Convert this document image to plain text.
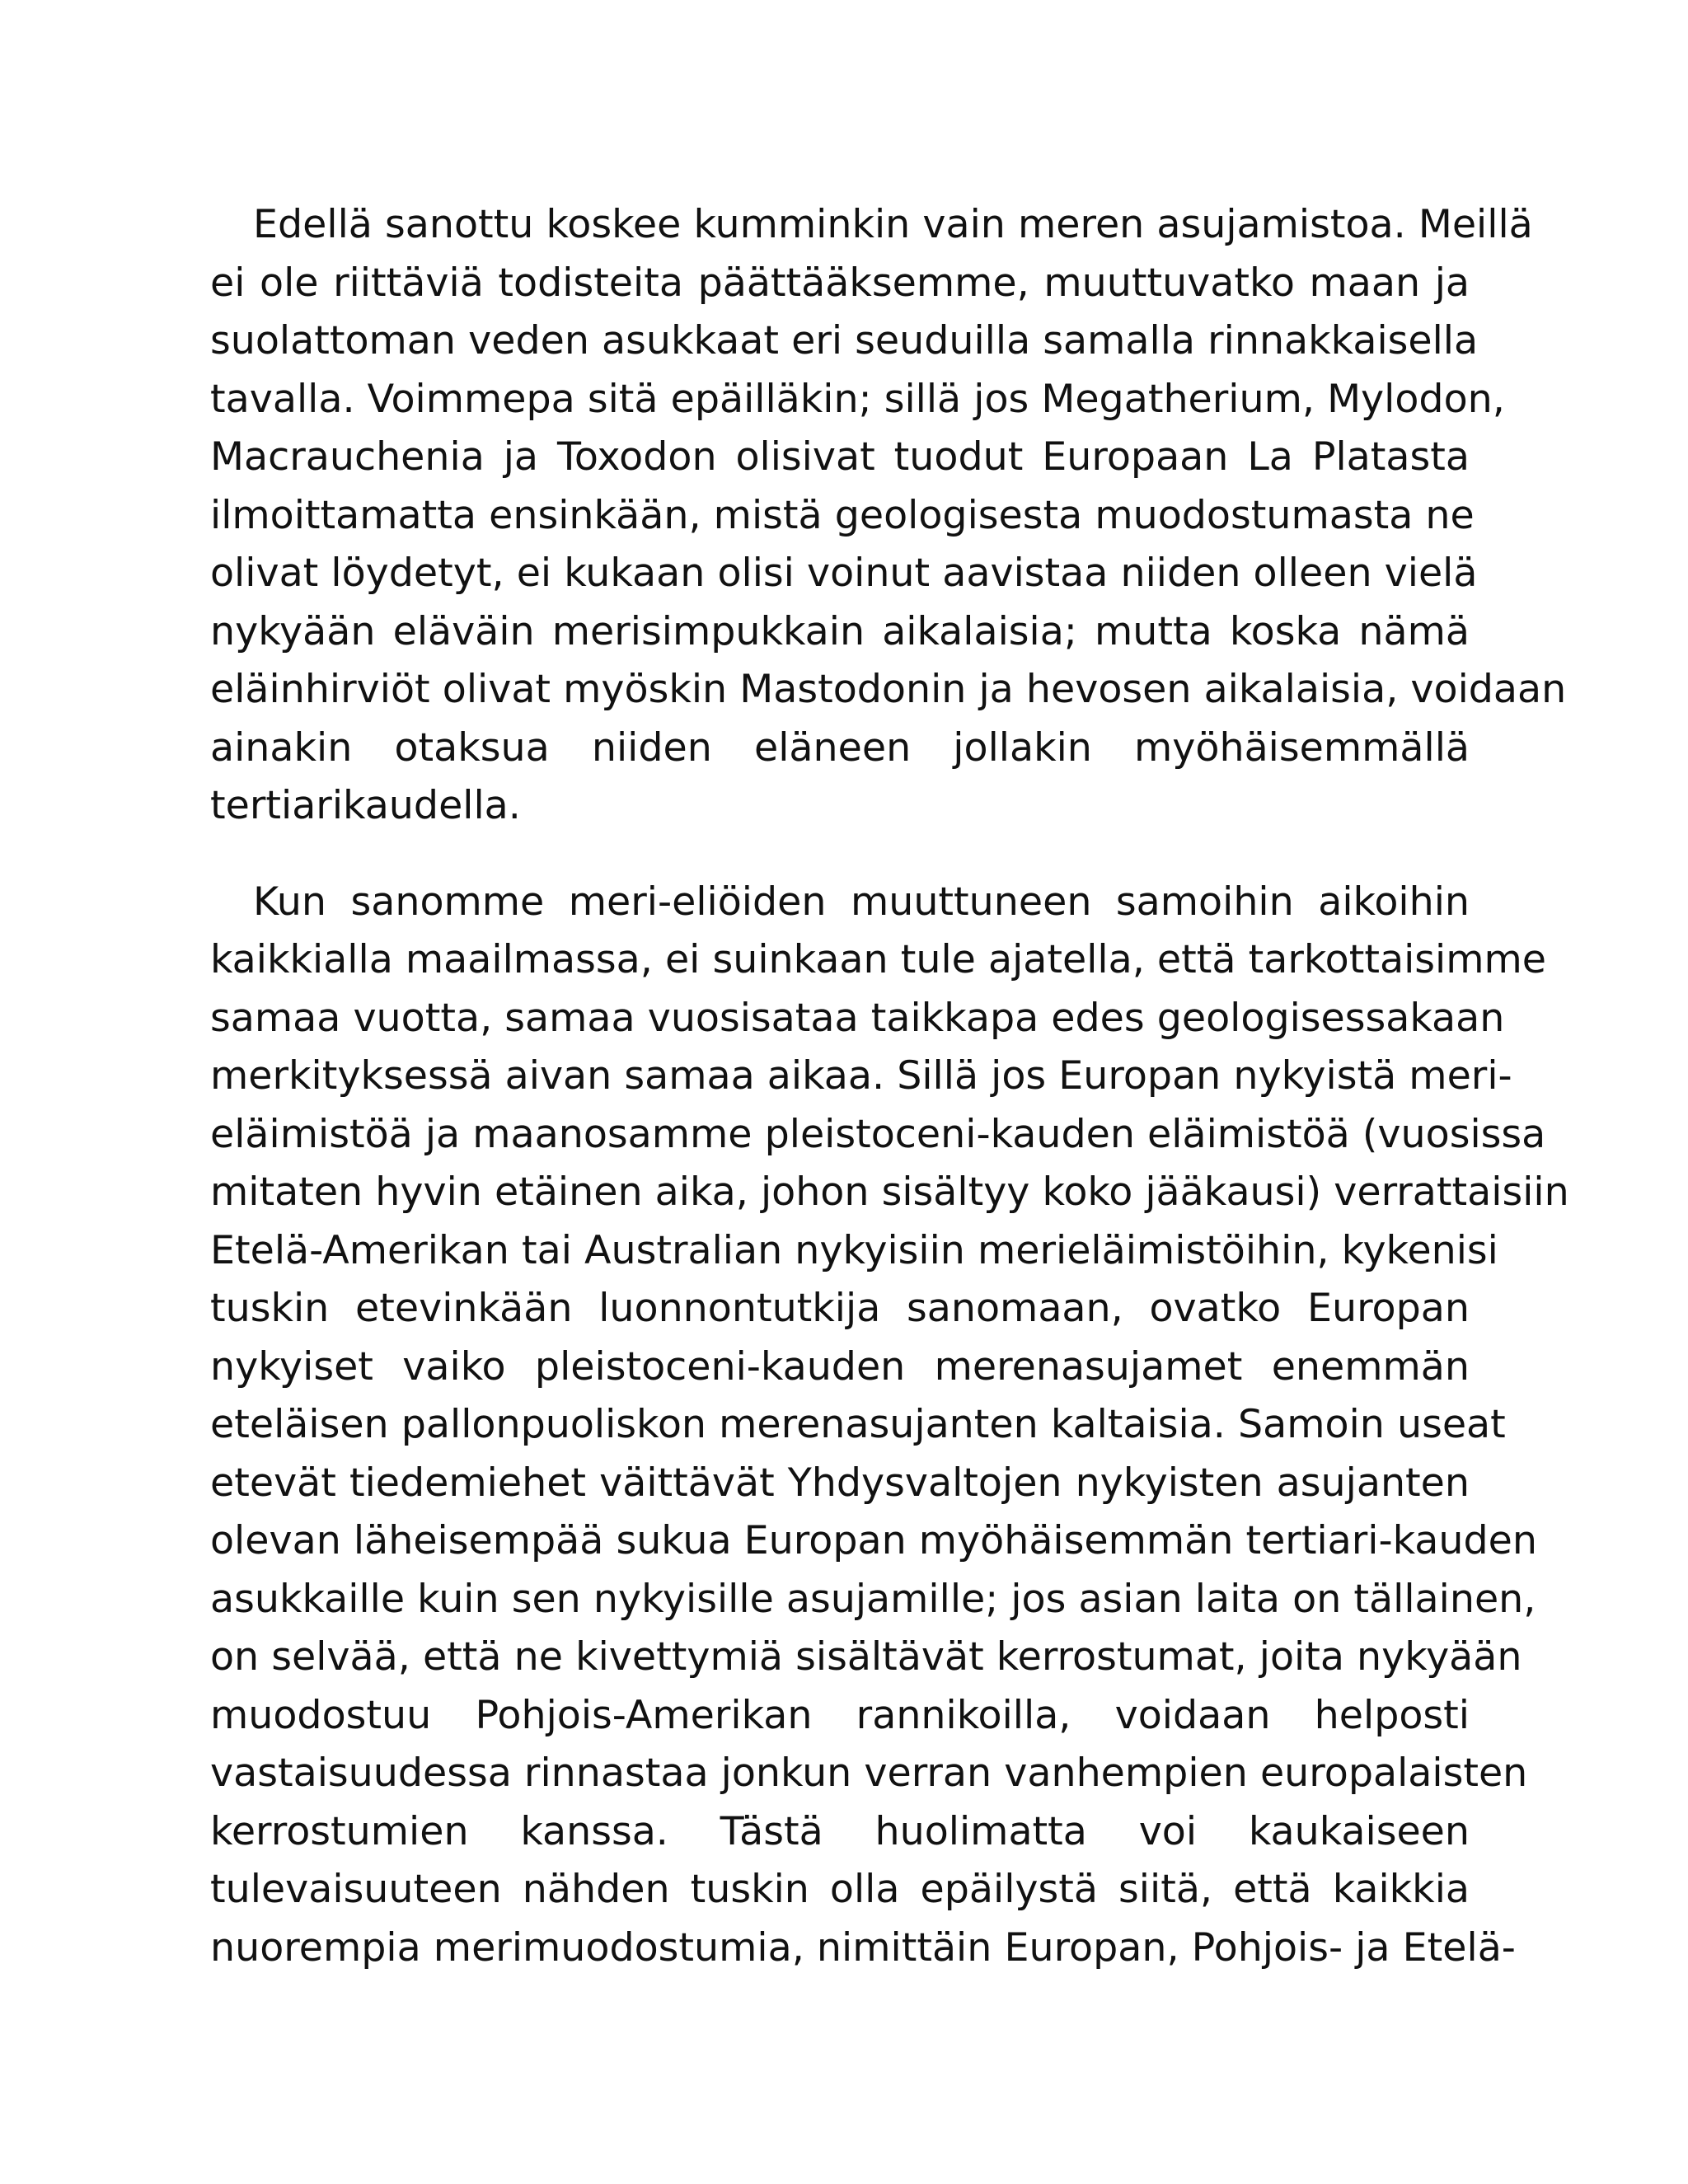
Edellä sanottu koskee kumminkin vain meren asujamistoa. Meillä
ei ole riittäviä todisteita päättääksemme, muuttuvatko maan ja
suolattoman veden asukkaat eri seuduilla samalla rinnakkaisella
tavalla. Voimmepa sitä epäilläkin; sillä jos Megatherium, Mylodon,
Macrauchenia ja Toxodon olisivat tuodut Europaan La Platasta
ilmoittamatta ensinkään, mistä geologisesta muodostumasta ne
olivat löydetyt, ei kukaan olisi voinut aavistaa niiden olleen vielä
nykyään eläväin merisimpukkain aikalaisia; mutta koska nämä
eläinhirviöt olivat myöskin Mastodonin ja hevosen aikalaisia, voidaan
ainakin otaksua niiden eläneen jollakin myöhäisemmällä
tertiarikaudella.

Kun sanomme meri-eliöiden muuttuneen samoihin aikoihin
kaikkialla maailmassa, ei suinkaan tule ajatella, että tarkottaisimme
samaa vuotta, samaa vuosisataa taikkapa edes geologisessakaan
merkityksessä aivan samaa aikaa. Sillä jos Europan nykyistä meri-
eläimistöä ja maanosamme pleistoceni-kauden eläimistöä (vuosissa
mitaten hyvin etäinen aika, johon sisältyy koko jääkausi) verrattaisiin
Etelä-Amerikan tai Australian nykyisiin merieläimistöihin, kykenisi
tuskin etevinkään luonnontutkija sanomaan, ovatko Europan
nykyiset vaiko pleistoceni-kauden merenasujamet enemmän
eteläisen pallonpuoliskon merenasujanten kaltaisia. Samoin useat
etevät tiedemiehet väittävät Yhdysvaltojen nykyisten asujanten
olevan läheisempää sukua Europan myöhäisemmän tertiari-kauden
asukkaille kuin sen nykyisille asujamille; jos asian laita on tällainen,
on selvää, että ne kivettymiä sisältävät kerrostumat, joita nykyään
muodostuu Pohjois-Amerikan rannikoilla, voidaan helposti
vastaisuudessa rinnastaa jonkun verran vanhempien europalaisten
kerrostumien kanssa. Tästä huolimatta voi kaukaiseen
tulevaisuuteen nähden tuskin olla epäilystä siitä, että kaikkia
nuorempia merimuodostumia, nimittäin Europan, Pohjois- ja Etelä-
